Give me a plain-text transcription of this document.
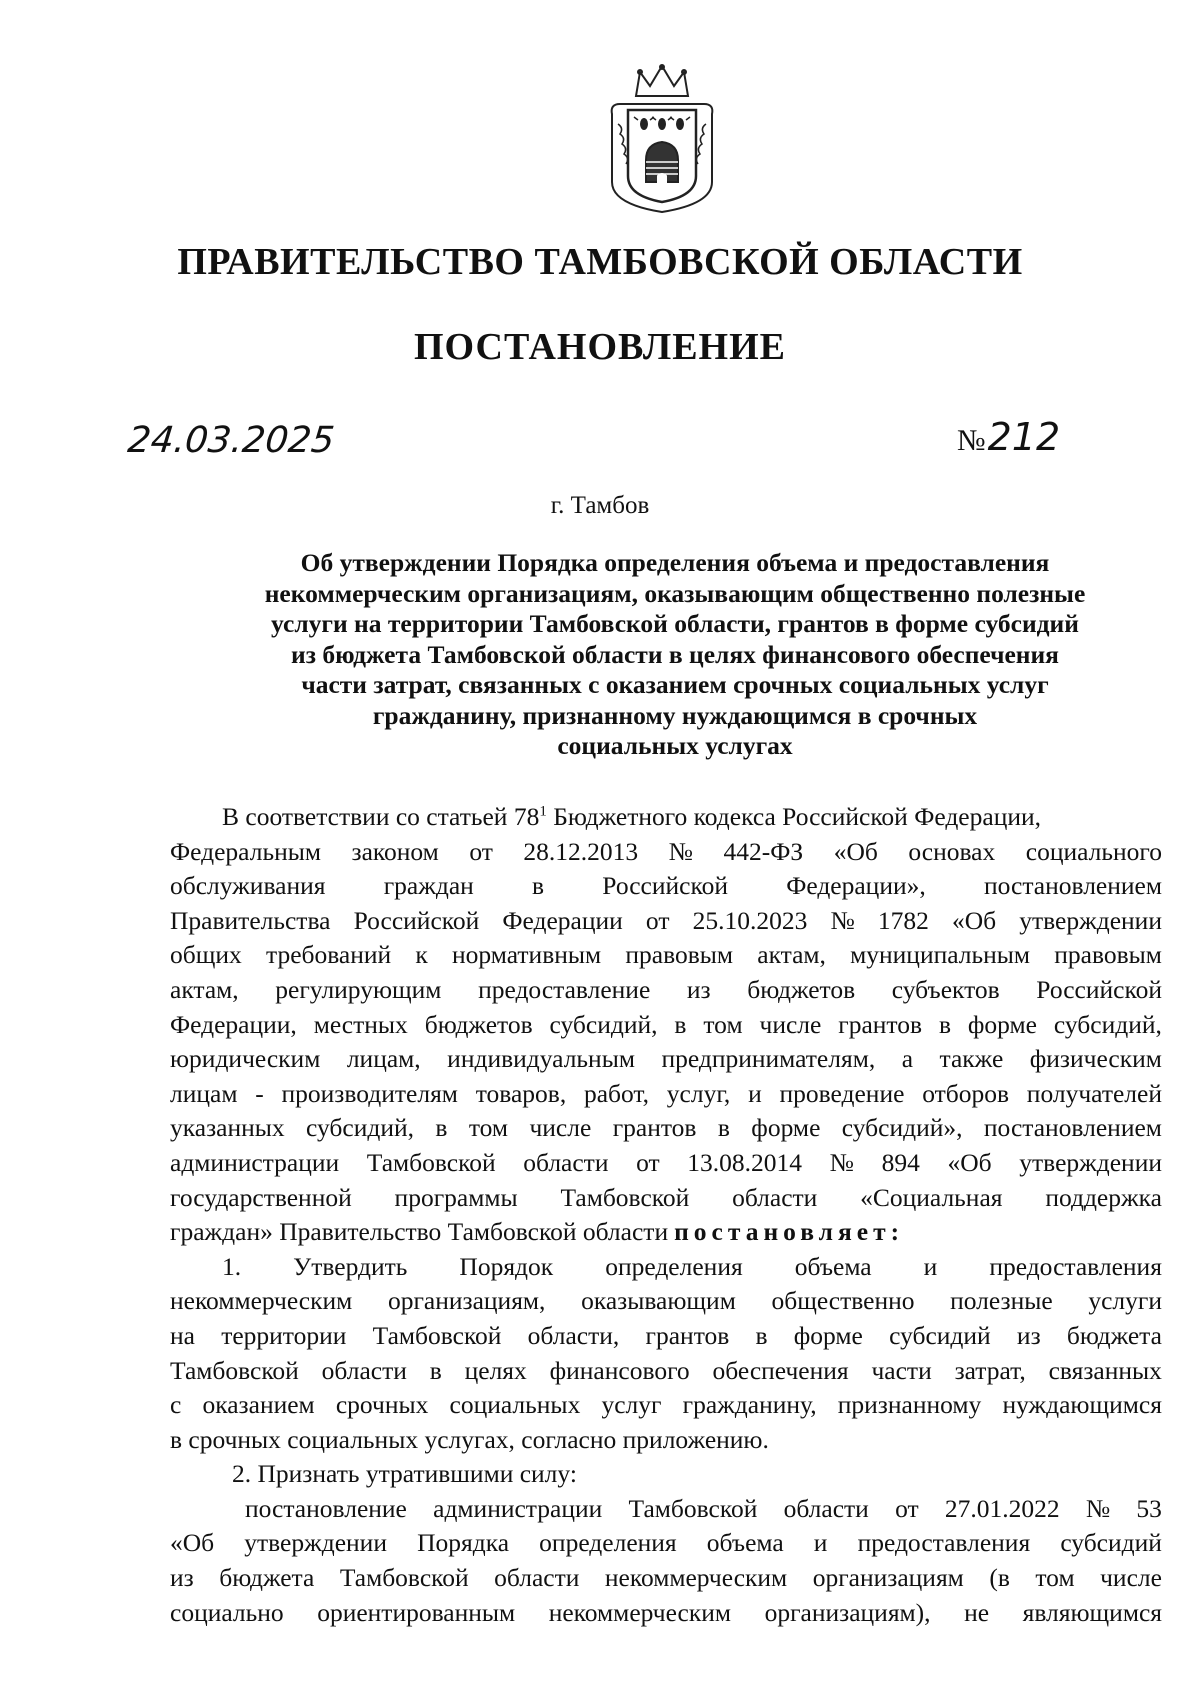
ПРАВИТЕЛЬСТВО ТАМБОВСКОЙ ОБЛАСТИ
ПОСТАНОВЛЕНИЕ
24.03.2025	№212
г. Тамбов
Об утверждении Порядка определения объема и предоставления
некоммерческим организациям, оказывающим общественно полезные
услуги на территории Тамбовской области, грантов в форме субсидий
из бюджета Тамбовской области в целях финансового обеспечения
части затрат, связанных с оказанием срочных социальных услуг
гражданину, признанному нуждающимся в срочных
социальных услугах
В соответствии со статьей $78^1$ Бюджетного кодекса Российской Федерации,
Федеральным законом от 28.12.2013 № 442-ФЗ «Об основах социального
обслуживания граждан в Российской Федерации», постановлением
Правительства Российской Федерации от 25.10.2023 № 1782 «Об утверждении
общих требований к нормативным правовым актам, муниципальным правовым
актам, регулирующим предоставление из бюджетов субъектов Российской
Федерации, местных бюджетов субсидий, в том числе грантов в форме субсидий,
юридическим лицам, индивидуальным предпринимателям, а также физическим
лицам - производителям товаров, работ, услуг, и проведение отборов получателей
указанных субсидий, в том числе грантов в форме субсидий», постановлением
администрации Тамбовской области от 13.08.2014 № 894 «Об утверждении
государственной программы Тамбовской области «Социальная поддержка
граждан» Правительство Тамбовской области постановляет:
1. Утвердить Порядок определения объема и предоставления
некоммерческим организациям, оказывающим общественно полезные услуги
на территории Тамбовской области, грантов в форме субсидий из бюджета
Тамбовской области в целях финансового обеспечения части затрат, связанных
с оказанием срочных социальных услуг гражданину, признанному нуждающимся
в срочных социальных услугах, согласно приложению.
2. Признать утратившими силу:
постановление администрации Тамбовской области от 27.01.2022 № 53
«Об утверждении Порядка определения объема и предоставления субсидий
из бюджета Тамбовской области некоммерческим организациям (в том числе
социально ориентированным некоммерческим организациям), не являющимся
